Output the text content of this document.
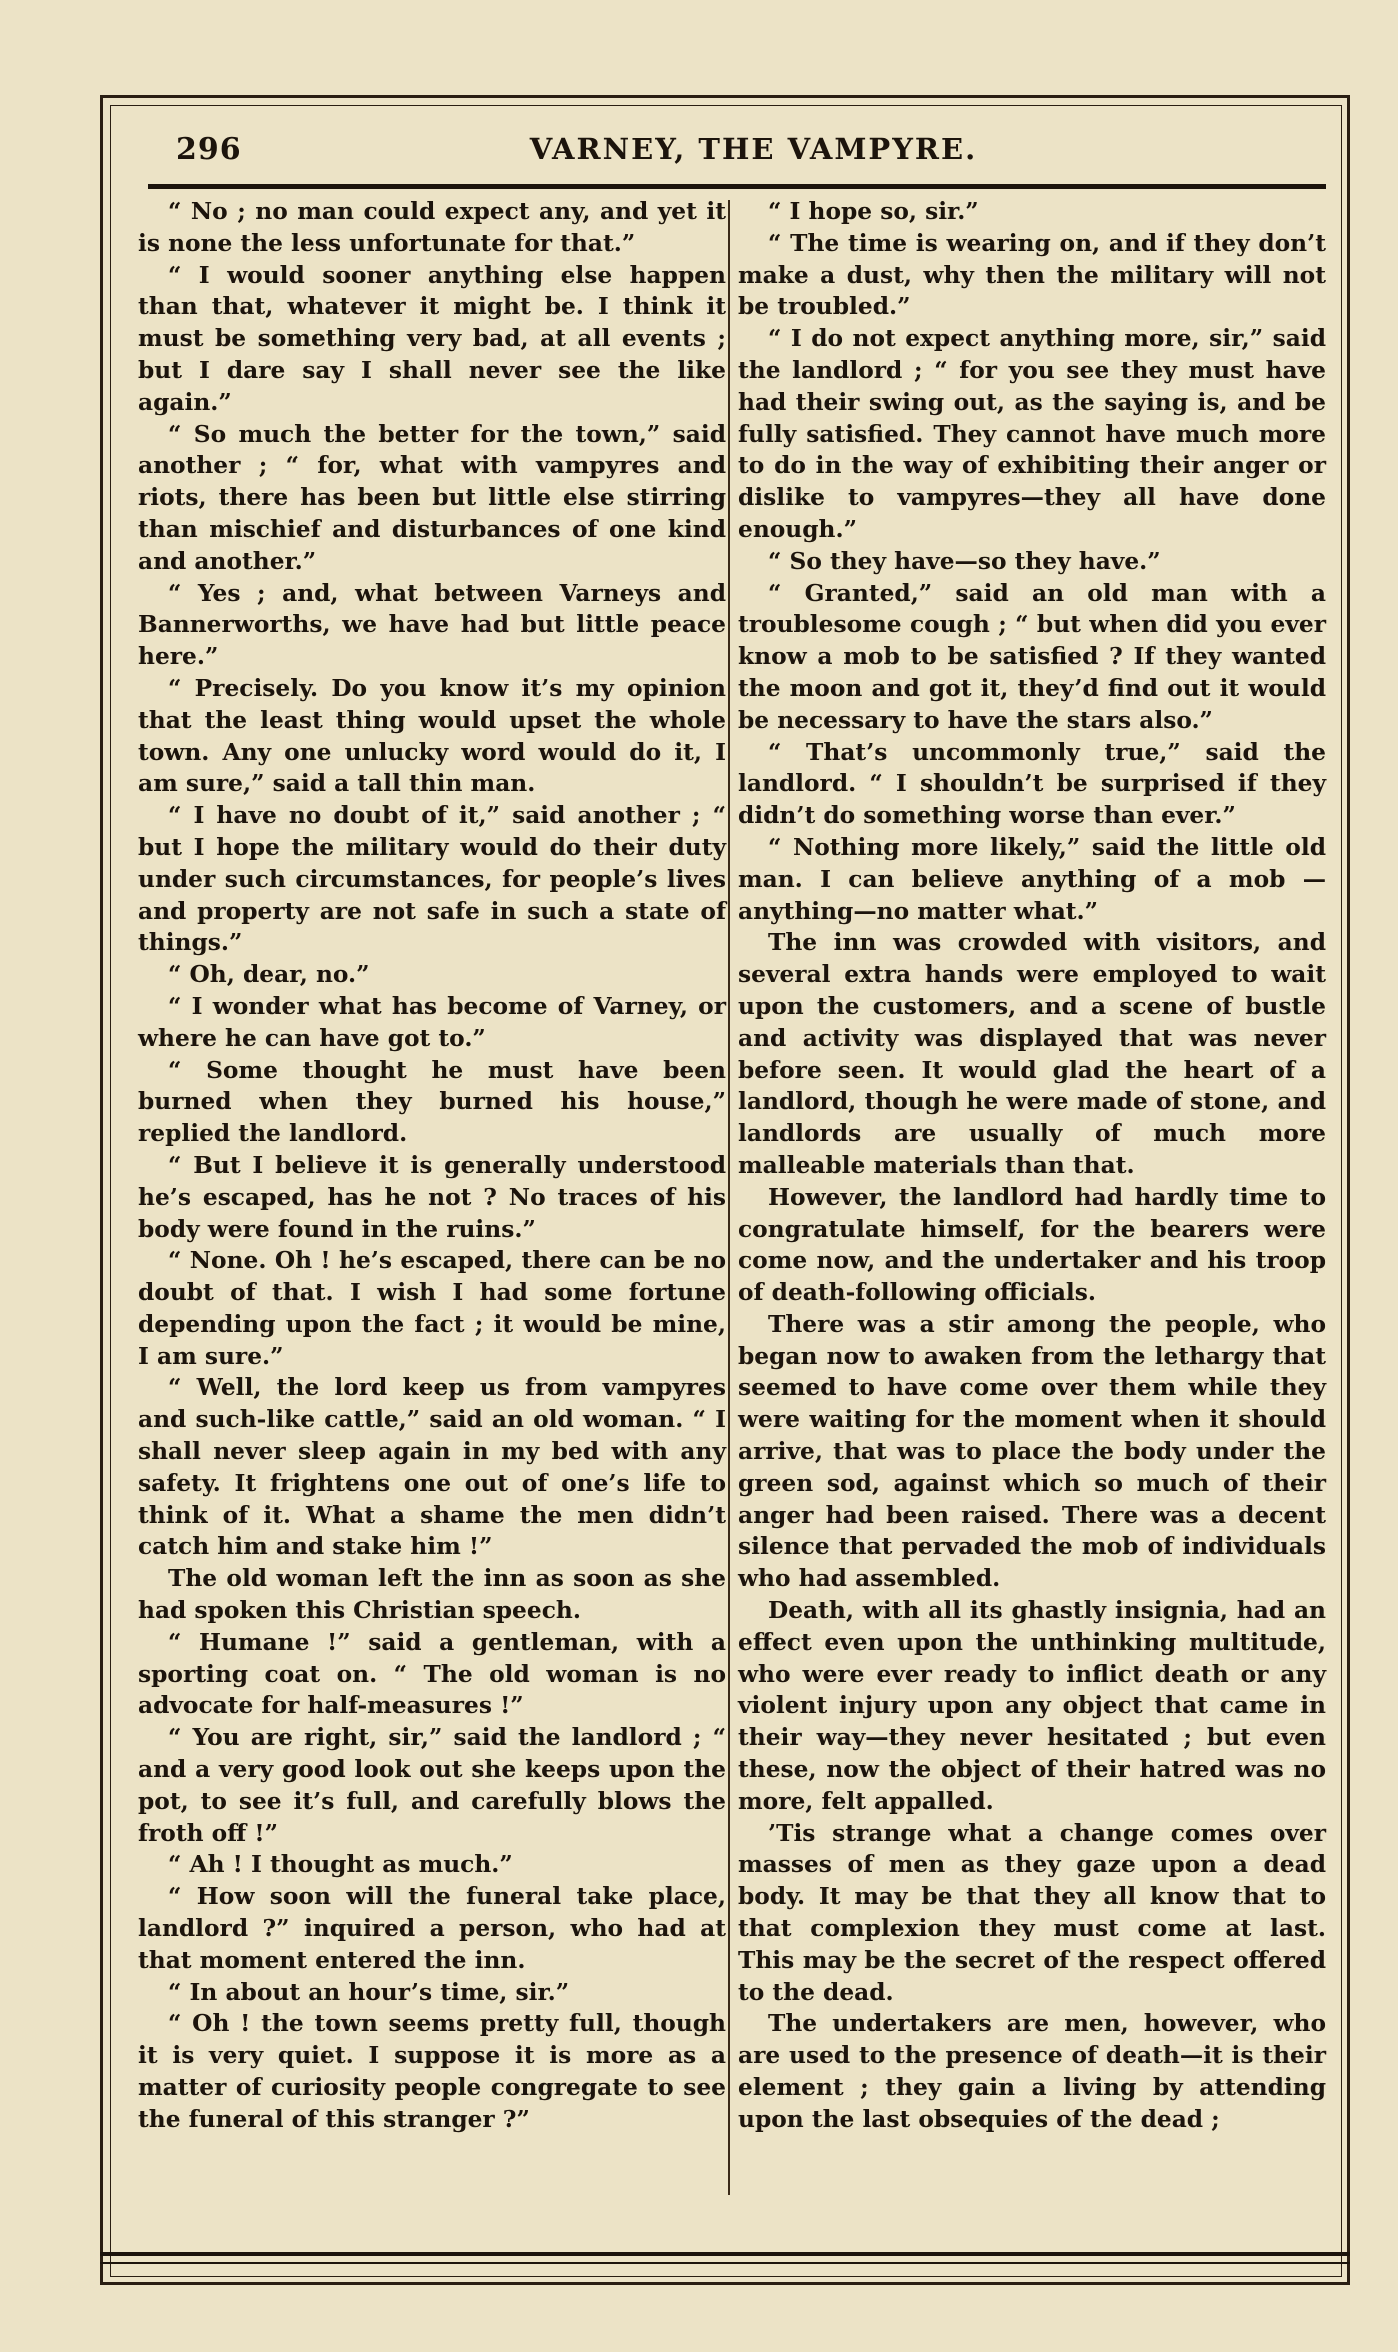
296	VARNEY, THE VAMPYRE.

“ No ; no man could expect any, and yet it is none the less unfortunate for that.”

“ I would sooner anything else happen than that, whatever it might be. I think it must be something very bad, at all events ; but I dare say I shall never see the like again.”

“ So much the better for the town,” said another ; “ for, what with vampyres and riots, there has been but little else stirring than mischief and disturbances of one kind and another.”

“ Yes ; and, what between Varneys and Bannerworths, we have had but little peace here.”

“ Precisely. Do you know it’s my opinion that the least thing would upset the whole town. Any one unlucky word would do it, I am sure,” said a tall thin man.

“ I have no doubt of it,” said another ; “ but I hope the military would do their duty under such circumstances, for people’s lives and property are not safe in such a state of things.”

“ Oh, dear, no.”

“ I wonder what has become of Varney, or where he can have got to.”

“ Some thought he must have been burned when they burned his house,” replied the landlord.

“ But I believe it is generally understood he’s escaped, has he not ? No traces of his body were found in the ruins.”

“ None. Oh ! he’s escaped, there can be no doubt of that. I wish I had some fortune depending upon the fact ; it would be mine, I am sure.”

“ Well, the lord keep us from vampyres and such-like cattle,” said an old woman. “ I shall never sleep again in my bed with any safety. It frightens one out of one’s life to think of it. What a shame the men didn’t catch him and stake him !”

The old woman left the inn as soon as she had spoken this Christian speech.

“ Humane !” said a gentleman, with a sporting coat on. “ The old woman is no advocate for half-measures !”

“ You are right, sir,” said the landlord ; “ and a very good look out she keeps upon the pot, to see it’s full, and carefully blows the froth off !”

“ Ah ! I thought as much.”

“ How soon will the funeral take place, landlord ?” inquired a person, who had at that moment entered the inn.

“ In about an hour’s time, sir.”

“ Oh ! the town seems pretty full, though it is very quiet. I suppose it is more as a matter of curiosity people congregate to see the funeral of this stranger ?”

“ I hope so, sir.”

“ The time is wearing on, and if they don’t make a dust, why then the military will not be troubled.”

“ I do not expect anything more, sir,” said the landlord ; “ for you see they must have had their swing out, as the saying is, and be fully satisfied. They cannot have much more to do in the way of exhibiting their anger or dislike to vampyres—they all have done enough.”

“ So they have—so they have.”

“ Granted,” said an old man with a troublesome cough ; “ but when did you ever know a mob to be satisfied ? If they wanted the moon and got it, they’d find out it would be necessary to have the stars also.”

“ That’s uncommonly true,” said the landlord. “ I shouldn’t be surprised if they didn’t do something worse than ever.”

“ Nothing more likely,” said the little old man. I can believe anything of a mob —anything—no matter what.”

The inn was crowded with visitors, and several extra hands were employed to wait upon the customers, and a scene of bustle and activity was displayed that was never before seen. It would glad the heart of a landlord, though he were made of stone, and landlords are usually of much more malleable materials than that.

However, the landlord had hardly time to congratulate himself, for the bearers were come now, and the undertaker and his troop of death-following officials.

There was a stir among the people, who began now to awaken from the lethargy that seemed to have come over them while they were waiting for the moment when it should arrive, that was to place the body under the green sod, against which so much of their anger had been raised. There was a decent silence that pervaded the mob of individuals who had assembled.

Death, with all its ghastly insignia, had an effect even upon the unthinking multitude, who were ever ready to inflict death or any violent injury upon any object that came in their way—they never hesitated ; but even these, now the object of their hatred was no more, felt appalled.

’Tis strange what a change comes over masses of men as they gaze upon a dead body. It may be that they all know that to that complexion they must come at last. This may be the secret of the respect offered to the dead.

The undertakers are men, however, who are used to the presence of death—it is their element ; they gain a living by attending upon the last obsequies of the dead ;
